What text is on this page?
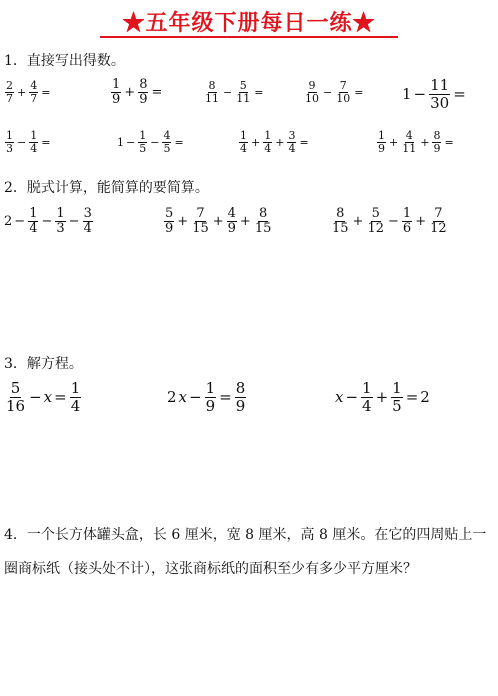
★五年级下册每日一练★
1．直接写出得数。
$\frac{2}{7} + \frac{4}{7}$ =	$\frac{1}{9} + \frac{8}{9}$ =	$\frac{8}{11} - \frac{5}{11}$ =	$\frac{9}{10} - \frac{7}{10}$ =	$1 - \frac{11}{30}$ =
$\frac{1}{3} - \frac{1}{4}$ =	$1 - \frac{1}{5} - \frac{4}{5}$ =	$\frac{1}{4} + \frac{1}{4} + \frac{3}{4}$ =	$\frac{1}{9} + \frac{4}{11} + \frac{8}{9}$ =
2．脱式计算，能简算的要简算。
$2 - \frac{1}{4} - \frac{1}{3} - \frac{3}{4}$	$\frac{5}{9} + \frac{7}{15} + \frac{4}{9} + \frac{8}{15}$	$\frac{8}{15} + \frac{5}{12} - \frac{1}{6} + \frac{7}{12}$
3．解方程。
$\frac{5}{16} - x = \frac{1}{4}$	2 $x - \frac{1}{9} = \frac{8}{9}$	$x - \frac{1}{4} + \frac{1}{5} = 2$
4．一个长方体罐头盒，长 6 厘米，宽 8 厘米，高 8 厘米。在它的四周贴上一圈商标纸（接头处不计），这张商标纸的面积至少有多少平方厘米？
